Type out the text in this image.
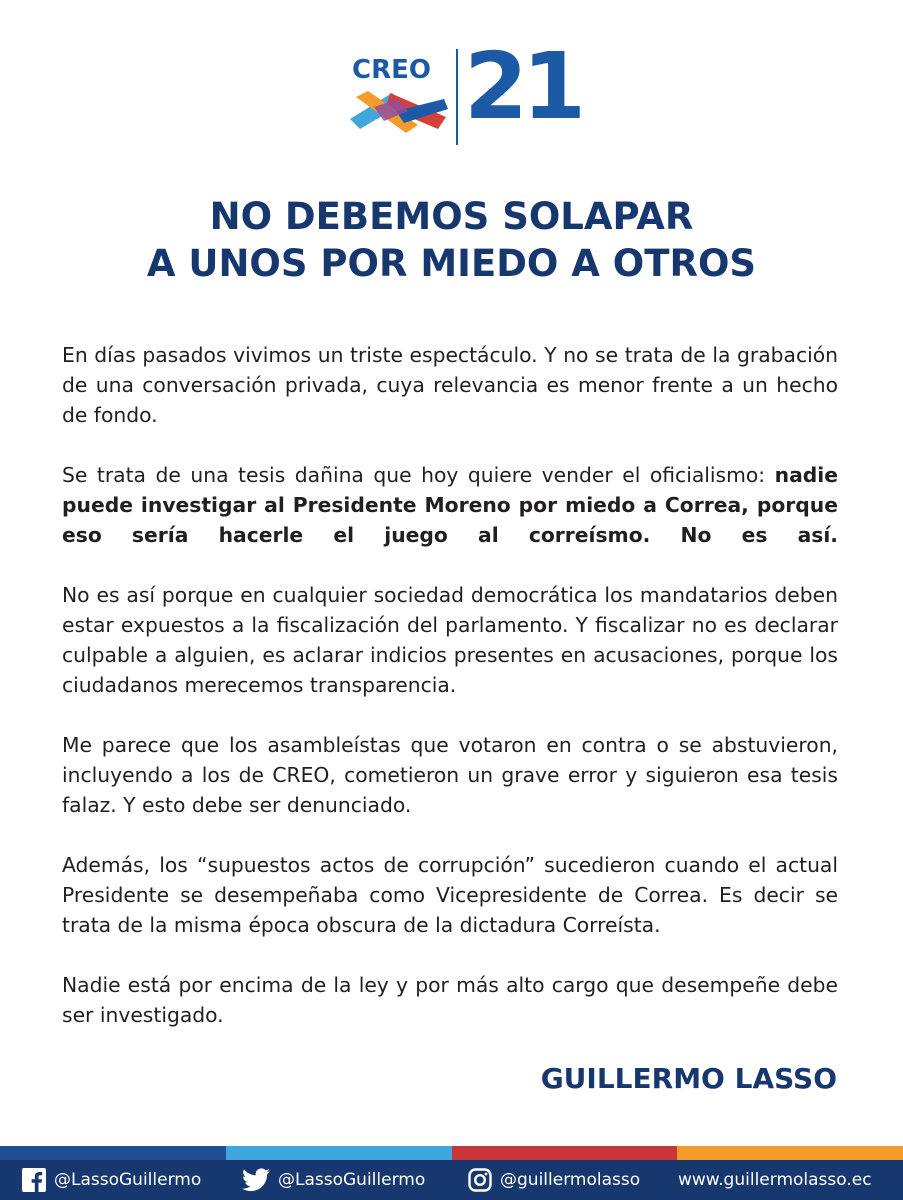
CREO 21
NO DEBEMOS SOLAPAR
A UNOS POR MIEDO A OTROS

En días pasados vivimos un triste espectáculo. Y no se trata de la grabación de una conversación privada, cuya relevancia es menor frente a un hecho de fondo.

Se trata de una tesis dañina que hoy quiere vender el oficialismo: nadie puede investigar al Presidente Moreno por miedo a Correa, porque eso sería hacerle el juego al correísmo. No es así.

No es así porque en cualquier sociedad democrática los mandatarios deben estar expuestos a la fiscalización del parlamento. Y fiscalizar no es declarar culpable a alguien, es aclarar indicios presentes en acusaciones, porque los ciudadanos merecemos transparencia.

Me parece que los asambleístas que votaron en contra o se abstuvieron, incluyendo a los de CREO, cometieron un grave error y siguieron esa tesis falaz. Y esto debe ser denunciado.

Además, los “supuestos actos de corrupción” sucedieron cuando el actual Presidente se desempeñaba como Vicepresidente de Correa. Es decir se trata de la misma época obscura de la dictadura Correísta.

Nadie está por encima de la ley y por más alto cargo que desempeñe debe ser investigado.

GUILLERMO LASSO

@LassoGuillermo	@LassoGuillermo	@guillermolasso www.guillermolasso.ec
